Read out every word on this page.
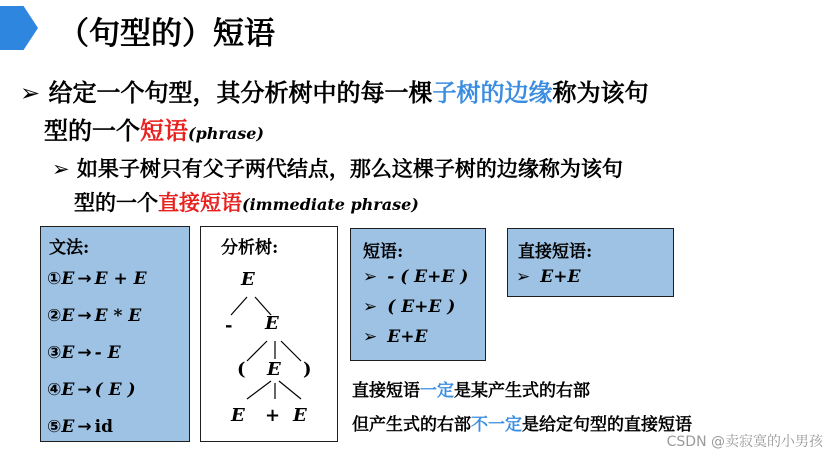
（句型的）短语
➢ 给定一个句型，其分析树中的每一棵子树的边缘称为该句
型的一个短语(phrase)
➢ 如果子树只有父子两代结点，那么这棵子树的边缘称为该句
型的一个直接短语(immediate phrase)
文法:
①E → E + E
②E → E * E
③E → - E
④E → ( E )
⑤E → id
分析树:
E
- E
( E )
E + E
短语:
➢ - ( E+E )
➢ ( E+E )
➢ E+E
直接短语:
➢ E+E
直接短语一定是某产生式的右部
但产生式的右部不一定是给定句型的直接短语
CSDN @卖寂寞的小男孩
